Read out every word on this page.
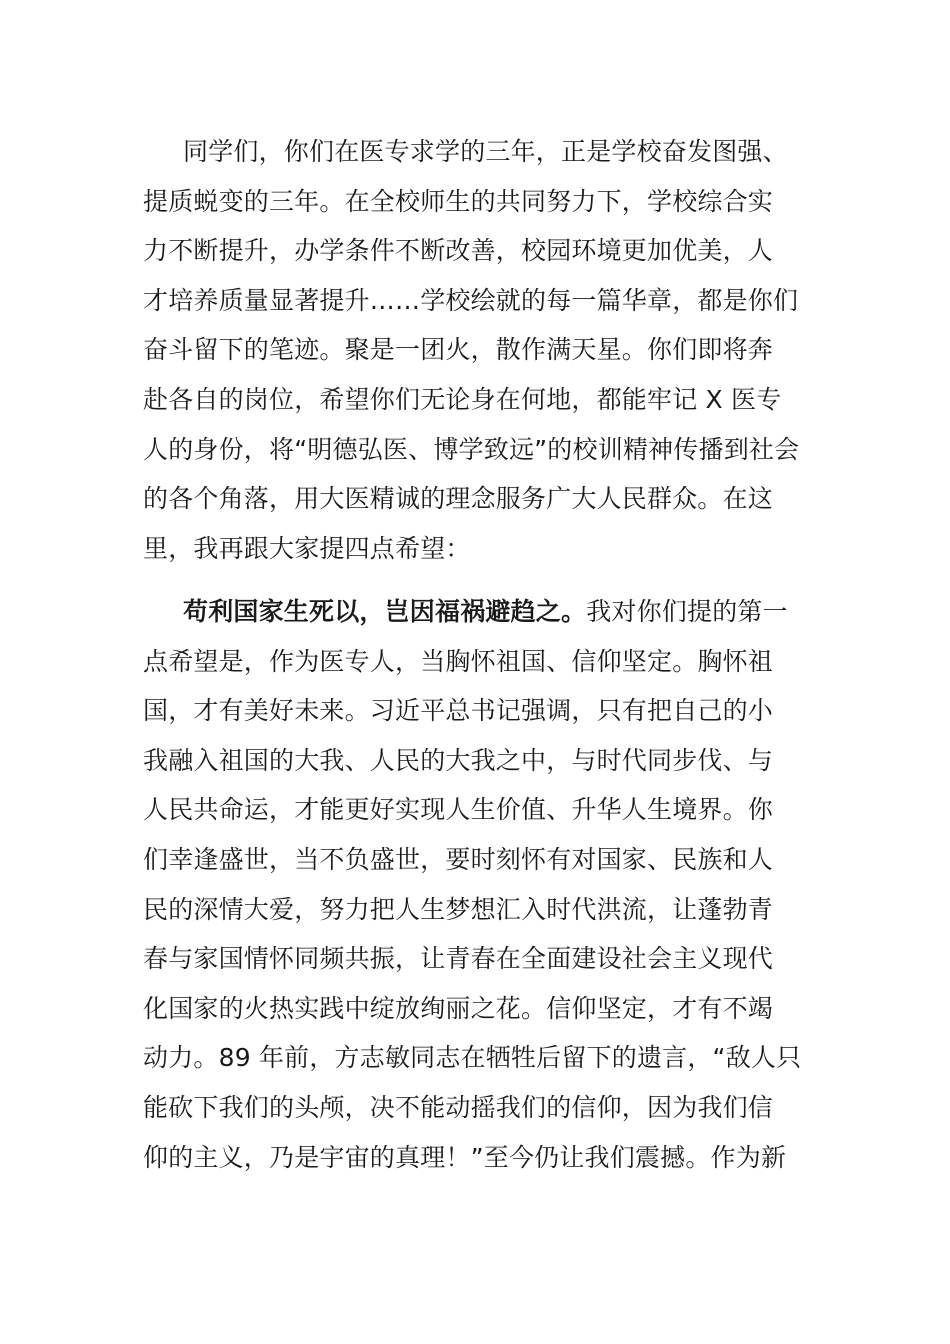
同学们，你们在医专求学的三年，正是学校奋发图强、
提质蜕变的三年。在全校师生的共同努力下，学校综合实
力不断提升，办学条件不断改善，校园环境更加优美，人
才培养质量显著提升……学校绘就的每一篇华章，都是你们
奋斗留下的笔迹。聚是一团火，散作满天星。你们即将奔
赴各自的岗位，希望你们无论身在何地，都能牢记 X 医专
人的身份，将“明德弘医、博学致远”的校训精神传播到社会
的各个角落，用大医精诚的理念服务广大人民群众。在这
里，我再跟大家提四点希望：
苟利国家生死以，岂因福祸避趋之。我对你们提的第一
点希望是，作为医专人，当胸怀祖国、信仰坚定。胸怀祖
国，才有美好未来。习近平总书记强调，只有把自己的小
我融入祖国的大我、人民的大我之中，与时代同步伐、与
人民共命运，才能更好实现人生价值、升华人生境界。你
们幸逢盛世，当不负盛世，要时刻怀有对国家、民族和人
民的深情大爱，努力把人生梦想汇入时代洪流，让蓬勃青
春与家国情怀同频共振，让青春在全面建设社会主义现代
化国家的火热实践中绽放绚丽之花。信仰坚定，才有不竭
动力。89 年前，方志敏同志在牺牲后留下的遗言，“敌人只
能砍下我们的头颅，决不能动摇我们的信仰，因为我们信
仰的主义，乃是宇宙的真理！”至今仍让我们震撼。作为新
